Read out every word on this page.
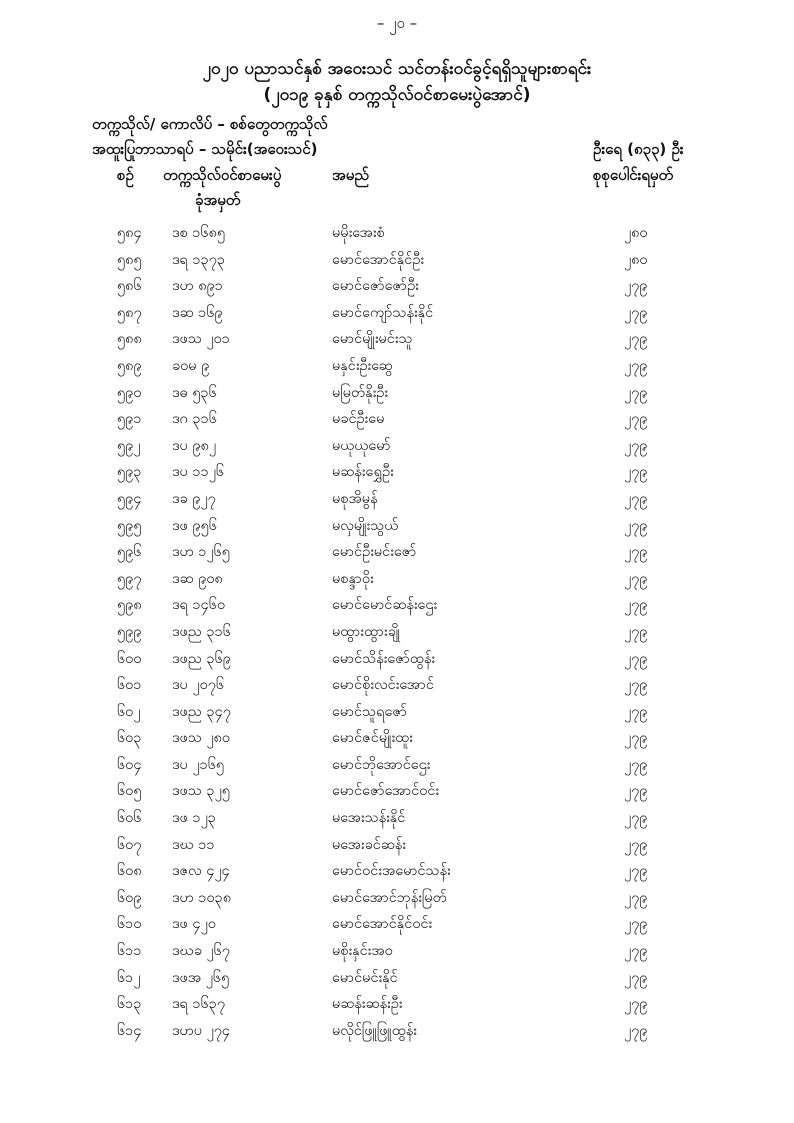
– ၂၀ –
၂၀၂၀ ပညာသင်နှစ် အဝေးသင် သင်တန်းဝင်ခွင့်ရရှိသူများစာရင်း
(၂၀၁၉ ခုနှစ် တက္ကသိုလ်ဝင်စာမေးပွဲအောင်)
တက္ကသိုလ်/ ကောလိပ် – စစ်တွေတက္ကသိုလ်
အထူးပြုဘာသာရပ် – သမိုင်း(အဝေးသင်)	ဦးရေ (၈၃၃) ဦး
စဉ် တက္ကသိုလ်ဝင်စာမေးပွဲ
ခုံအမှတ်
အမည်	စုစုပေါင်းရမှတ်
၅၈၄ ဒစ ၁၆၈၅	မမိုးအေးစံ	၂၈၀
၅၈၅ ဒရ ၁၃၇၃	မောင်အောင်နိုင်ဦး	၂၈၀
၅၈၆ ဒဟ ၈၉၁	မောင်ဇော်ဇော်ဦး	၂၇၉
၅၈၇ ဒဆ ၁၆၉	မောင်ကျော်သန်းနိုင်	၂၇၉
၅၈၈ ဒဖသ ၂၀၁	မောင်မျိုးမင်းသူ	၂၇၉
၅၈၉ ခဝမ ၉	မနှင်းဦးဆွေ	၂၇၉
၅၉၀ ဒဓ ၅၃၆	မမြတ်နိုးဦး	၂၇၉
၅၉၁ ဒဂ ၃၁၆	မခင်ဦးမေ	၂၇၉
၅၉၂ ဒပ ၉၈၂	မယုယုမော်	၂၇၉
၅၉၃ ဒပ ၁၁၂၆	မဆန်းရွှေဦး	၂၇၉
၅၉၄ ဒခ ၉၂၇	မစုအိမွန်	၂၇၉
၅၉၅ ဒဖ ၉၅၆	မလှမျိုးသွယ်	၂၇၉
၅၉၆ ဒဟ ၁၂၆၅	မောင်ဦးမင်းဇော်	၂၇၉
၅၉၇ ဒဆ ၉၀၈	မစန္ဒာဝိုး	၂၇၉
၅၉၈ ဒရ ၁၄၆၀	မောင်မောင်ဆန်းဌေး	၂၇၉
၅၉၉ ဒဖည ၃၁၆	မထွားထွားချို	၂၇၉
၆၀၀ ဒဖည ၃၆၉	မောင်သိန်းဇော်ထွန်း	၂၇၉
၆၀၁ ဒပ ၂၀၇၆	မောင်စိုးလင်းအောင်	၂၇၉
၆၀၂ ဒဖည ၃၄၇	မောင်သူရဇော်	၂၇၉
၆၀၃ ဒဖသ ၂၈၀	မောင်ဇင်မျိုးထူး	၂၇၉
၆၀၄ ဒပ ၂၁၆၅	မောင်ဘိုအောင်ဌေး	၂၇၉
၆၀၅ ဒဖသ ၃၂၅	မောင်ဇော်အောင်ဝင်း	၂၇၉
၆၀၆ ဒဖ ၁၂၃	မအေးသန်းနိုင်	၂၇၉
၆၀၇ ဒဃ ၁၁	မအေးခင်ဆန်း	၂၇၉
၆၀၈ ဒဇလ ၄၂၄	မောင်ဝင်းအမောင်သန်း	၂၇၉
၆၀၉ ဒဟ ၁၀၃၈	မောင်အောင်ဘုန်းမြတ်	၂၇၉
၆၁၀ ဒဖ ၄၂၀	မောင်အောင်နိုင်ဝင်း	၂၇၉
၆၁၁ ဒဃခ ၂၆၇	မစိုးနှင်းအဝ	၂၇၉
၆၁၂ ဒဖအ ၂၆၅	မောင်မင်းနိုင်	၂၇၉
၆၁၃ ဒရ ၁၆၃၇	မဆန်းဆန်းဦး	၂၇၉
၆၁၄ ဒဟပ ၂၇၄	မလိုင်ဖြူဖြူထွန်း	၂၇၉
